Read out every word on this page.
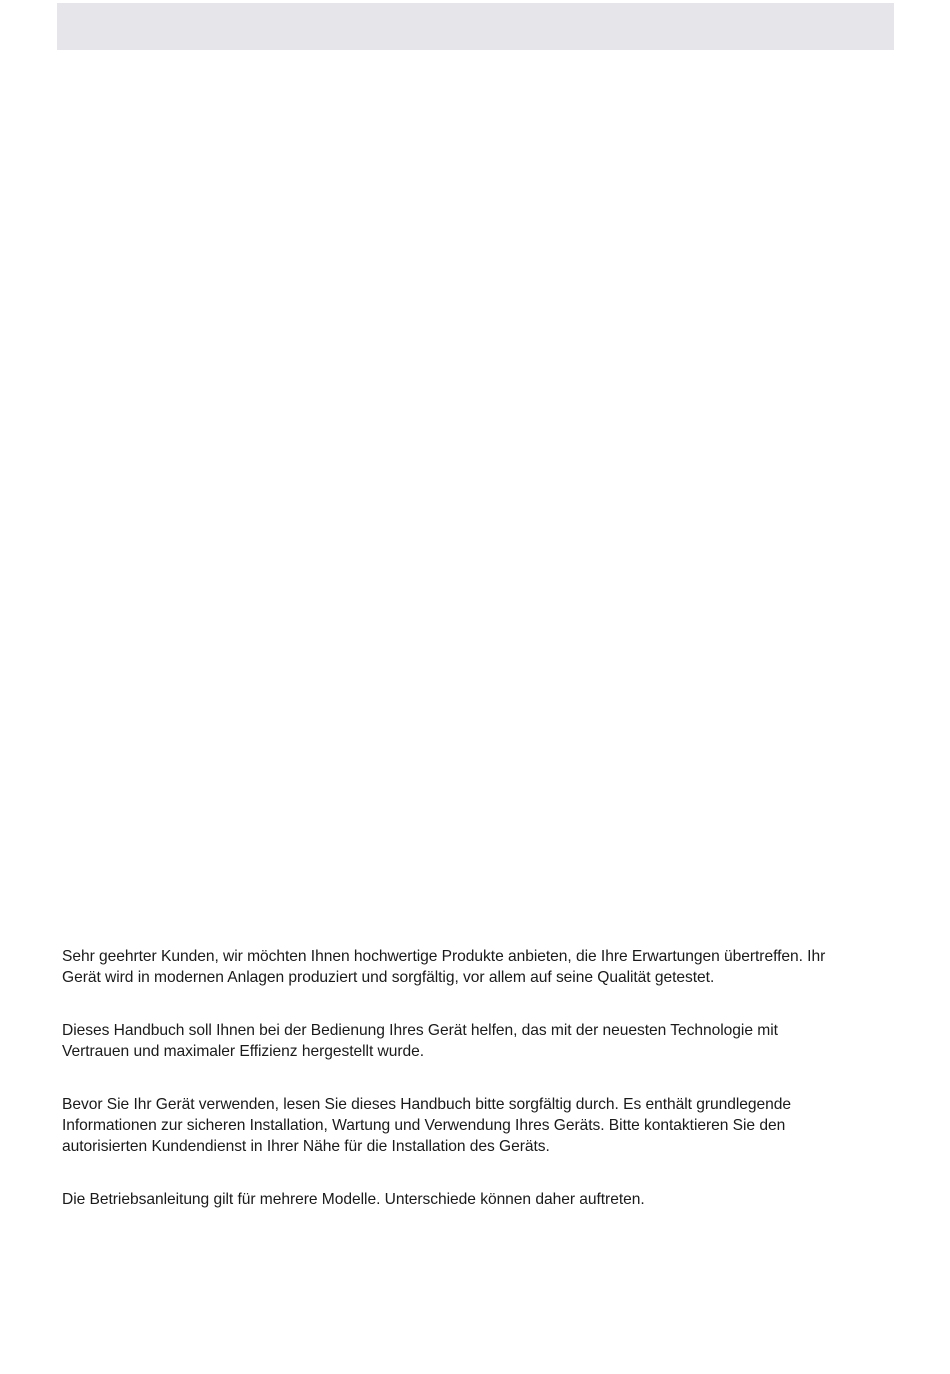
Sehr geehrter Kunden, wir möchten Ihnen hochwertige Produkte anbieten, die Ihre Erwartungen übertreffen. Ihr
Gerät wird in modernen Anlagen produziert und sorgfältig, vor allem auf seine Qualität getestet.

Dieses Handbuch soll Ihnen bei der Bedienung Ihres Gerät helfen, das mit der neuesten Technologie mit
Vertrauen und maximaler Effizienz hergestellt wurde.

Bevor Sie Ihr Gerät verwenden, lesen Sie dieses Handbuch bitte sorgfältig durch. Es enthält grundlegende
Informationen zur sicheren Installation, Wartung und Verwendung Ihres Geräts. Bitte kontaktieren Sie den
autorisierten Kundendienst in Ihrer Nähe für die Installation des Geräts.

Die Betriebsanleitung gilt für mehrere Modelle. Unterschiede können daher auftreten.
